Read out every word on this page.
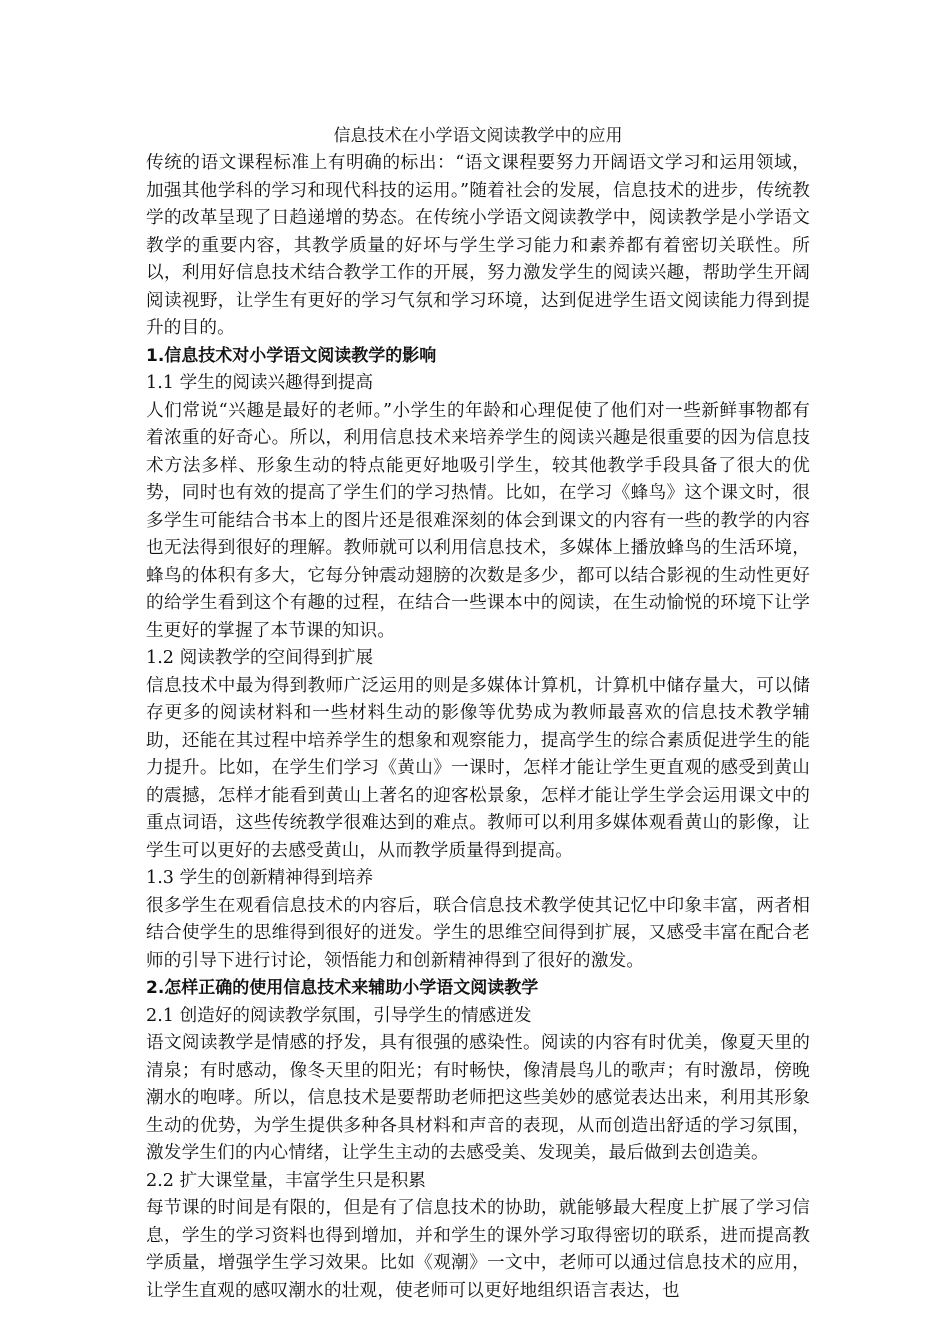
信息技术在小学语文阅读教学中的应用

传统的语文课程标准上有明确的标出：“语文课程要努力开阔语文学习和运用领域，加强其他学科的学习和现代科技的运用。”随着社会的发展，信息技术的进步，传统教学的改革呈现了日趋递增的势态。在传统小学语文阅读教学中，阅读教学是小学语文教学的重要内容，其教学质量的好坏与学生学习能力和素养都有着密切关联性。所以，利用好信息技术结合教学工作的开展，努力激发学生的阅读兴趣，帮助学生开阔阅读视野，让学生有更好的学习气氛和学习环境，达到促进学生语文阅读能力得到提升的目的。

1.信息技术对小学语文阅读教学的影响
1.1 学生的阅读兴趣得到提高

人们常说“兴趣是最好的老师。”小学生的年龄和心理促使了他们对一些新鲜事物都有着浓重的好奇心。所以，利用信息技术来培养学生的阅读兴趣是很重要的因为信息技术方法多样、形象生动的特点能更好地吸引学生，较其他教学手段具备了很大的优势，同时也有效的提高了学生们的学习热情。比如，在学习《蜂鸟》这个课文时，很多学生可能结合书本上的图片还是很难深刻的体会到课文的内容有一些的教学的内容也无法得到很好的理解。教师就可以利用信息技术，多媒体上播放蜂鸟的生活环境，蜂鸟的体积有多大，它每分钟震动翅膀的次数是多少，都可以结合影视的生动性更好的给学生看到这个有趣的过程，在结合一些课本中的阅读，在生动愉悦的环境下让学生更好的掌握了本节课的知识。

1.2 阅读教学的空间得到扩展

信息技术中最为得到教师广泛运用的则是多媒体计算机，计算机中储存量大，可以储存更多的阅读材料和一些材料生动的影像等优势成为教师最喜欢的信息技术教学辅助，还能在其过程中培养学生的想象和观察能力，提高学生的综合素质促进学生的能力提升。比如，在学生们学习《黄山》一课时，怎样才能让学生更直观的感受到黄山的震撼，怎样才能看到黄山上著名的迎客松景象，怎样才能让学生学会运用课文中的重点词语，这些传统教学很难达到的难点。教师可以利用多媒体观看黄山的影像，让学生可以更好的去感受黄山，从而教学质量得到提高。

1.3 学生的创新精神得到培养

很多学生在观看信息技术的内容后，联合信息技术教学使其记忆中印象丰富，两者相结合使学生的思维得到很好的迸发。学生的思维空间得到扩展，又感受丰富在配合老师的引导下进行讨论，领悟能力和创新精神得到了很好的激发。

2.怎样正确的使用信息技术来辅助小学语文阅读教学
2.1 创造好的阅读教学氛围，引导学生的情感迸发

语文阅读教学是情感的抒发，具有很强的感染性。阅读的内容有时优美，像夏天里的清泉；有时感动，像冬天里的阳光；有时畅快，像清晨鸟儿的歌声；有时激昂，傍晚潮水的咆哮。所以，信息技术是要帮助老师把这些美妙的感觉表达出来，利用其形象生动的优势，为学生提供多种各具材料和声音的表现，从而创造出舒适的学习氛围，激发学生们的内心情绪，让学生主动的去感受美、发现美，最后做到去创造美。

2.2 扩大课堂量，丰富学生只是积累

每节课的时间是有限的，但是有了信息技术的协助，就能够最大程度上扩展了学习信息，学生的学习资料也得到增加，并和学生的课外学习取得密切的联系，进而提高教学质量，增强学生学习效果。比如《观潮》一文中，老师可以通过信息技术的应用，让学生直观的感叹潮水的壮观，使老师可以更好地组织语言表达，也
